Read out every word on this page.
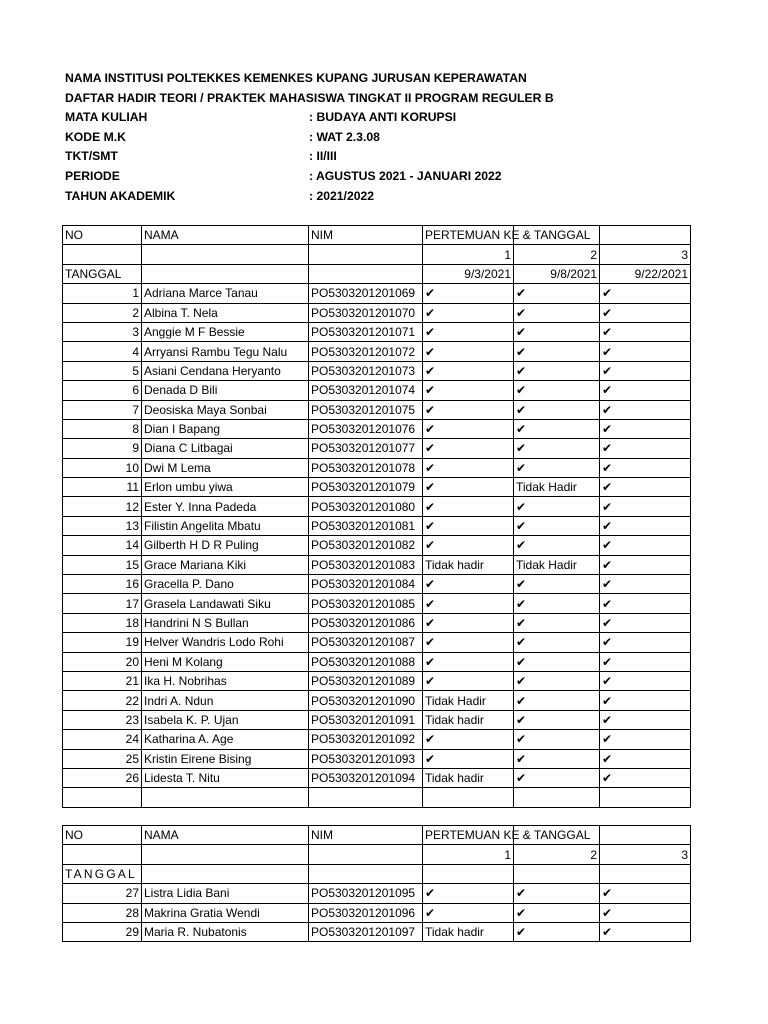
NAMA INSTITUSI POLTEKKES KEMENKES KUPANG JURUSAN KEPERAWATAN
DAFTAR HADIR TEORI / PRAKTEK MAHASISWA TINGKAT II PROGRAM REGULER B
MATA KULIAH	: BUDAYA ANTI KORUPSI
KODE M.K	: WAT 2.3.08
TKT/SMT	: II/III
PERIODE	: AGUSTUS 2021 - JANUARI 2022
TAHUN AKADEMIK	: 2021/2022
NO	NAMA	NIM	PERTEMUAN KE & TANGGAL		

			1	2	3
TANGGAL			9/3/2021	9/8/2021	9/22/2021
1	Adriana Marce Tanau	PO5303201201069	✔	✔	✔
2	Albina T. Nela	PO5303201201070	✔	✔	✔
3	Anggie M F Bessie	PO5303201201071	✔	✔	✔
4	Arryansi Rambu Tegu Nalu	PO5303201201072	✔	✔	✔
5	Asiani Cendana Heryanto	PO5303201201073	✔	✔	✔
6	Denada D Bili	PO5303201201074	✔	✔	✔
7	Deosiska Maya Sonbai	PO5303201201075	✔	✔	✔
8	Dian I Bapang	PO5303201201076	✔	✔	✔
9	Diana C Litbagai	PO5303201201077	✔	✔	✔
10	Dwi M Lema	PO5303201201078	✔	✔	✔
11	Erlon umbu yiwa	PO5303201201079	✔	Tidak Hadir	✔
12	Ester Y. Inna Padeda	PO5303201201080	✔	✔	✔
13	Filistin Angelita Mbatu	PO5303201201081	✔	✔	✔
14	Gilberth H D R Puling	PO5303201201082	✔	✔	✔
15	Grace Mariana Kiki	PO5303201201083	Tidak hadir	Tidak Hadir	✔
16	Gracella P. Dano	PO5303201201084	✔	✔	✔
17	Grasela Landawati Siku	PO5303201201085	✔	✔	✔
18	Handrini N S Bullan	PO5303201201086	✔	✔	✔
19	Helver Wandris Lodo Rohi	PO5303201201087	✔	✔	✔
20	Heni M Kolang	PO5303201201088	✔	✔	✔
21	Ika H. Nobrihas	PO5303201201089	✔	✔	✔
22	Indri A. Ndun	PO5303201201090	Tidak Hadir	✔	✔
23	Isabela K. P. Ujan	PO5303201201091	Tidak hadir	✔	✔
24	Katharina A. Age	PO5303201201092	✔	✔	✔
25	Kristin Eirene Bising	PO5303201201093	✔	✔	✔
26	Lidesta T. Nitu	PO5303201201094	Tidak hadir	✔	✔

NO	NAMA	NIM	PERTEMUAN KE & TANGGAL		

			1	2	3
TANGGAL					
27	Listra Lidia Bani	PO5303201201095	✔	✔	✔
28	Makrina Gratia Wendi	PO5303201201096	✔	✔	✔
29	Maria R. Nubatonis	PO5303201201097	Tidak hadir	✔	✔
